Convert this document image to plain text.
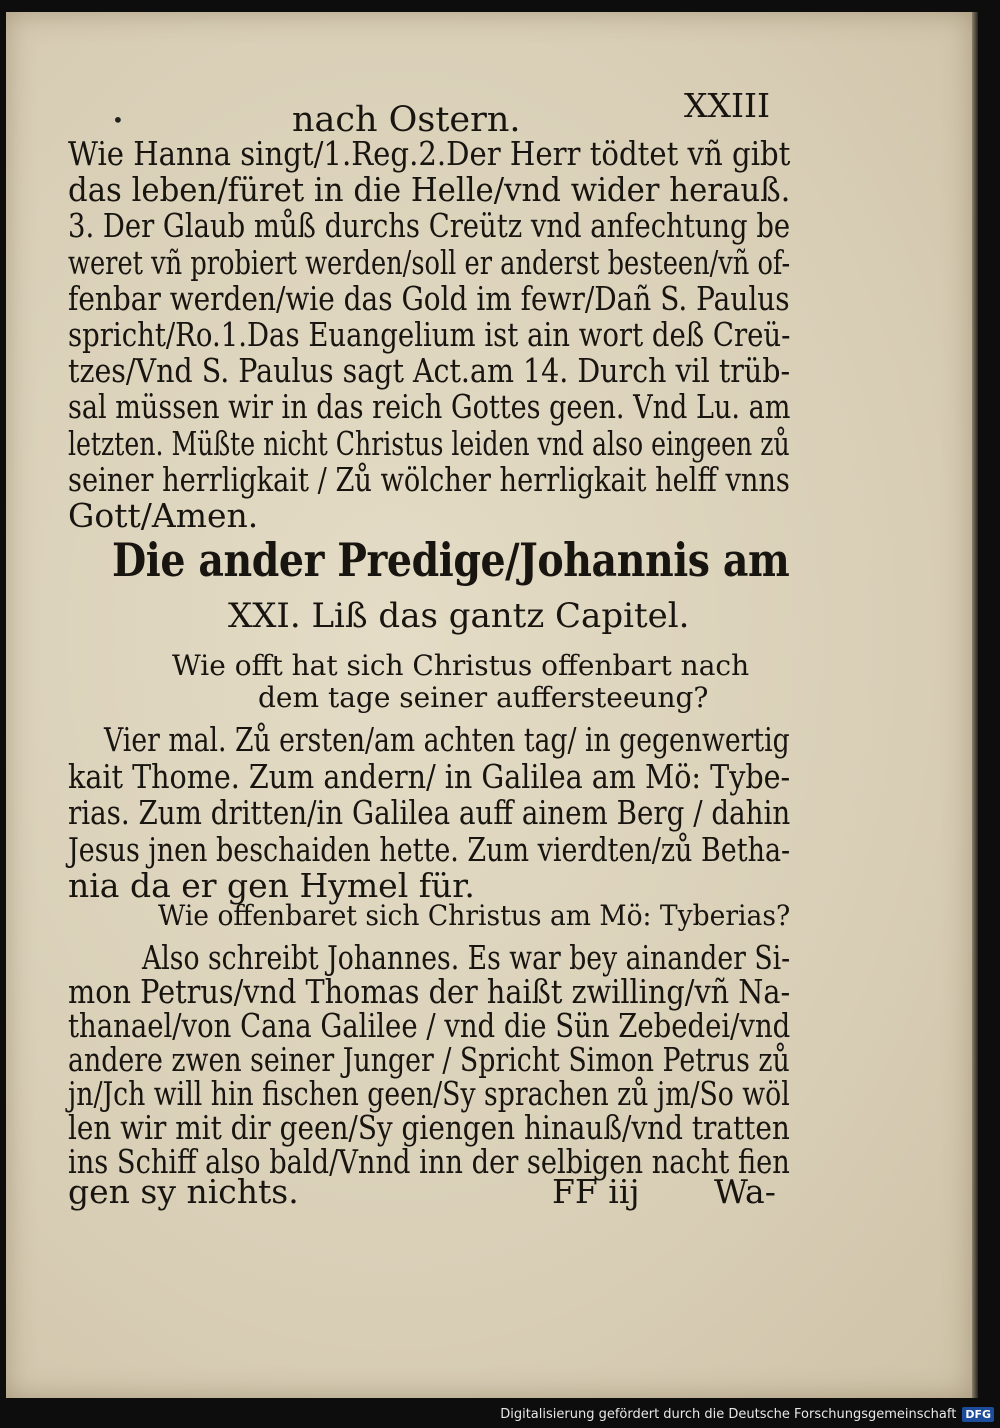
•	nach Ostern.	XXIII
Wie Hanna singt/1.Reg.2.Der Herr tödtet vñ gibt
das leben/füret in die Helle/vnd wider herauß.
3. Der Glaub můß durchs Creütz vnd anfechtung be
weret vñ probiert werden/soll er anderst besteen/vñ of-
fenbar werden/wie das Gold im fewr/Dañ S. Paulus
spricht/Ro.1.Das Euangelium ist ain wort deß Creü-
tzes/Vnd S. Paulus sagt Act.am 14. Durch vil trüb-
sal müssen wir in das reich Gottes geen. Vnd Lu. am
letzten. Müßte nicht Christus leiden vnd also eingeen zů
seiner herrligkait / Zů wölcher herrligkait helff vnns
Gott/Amen.
Die ander Predige/Johannis am
XXI. Liß das gantz Capitel.
Wie offt hat sich Christus offenbart nach
dem tage seiner aufferstееung?
Vier mal. Zů ersten/am achten tag/ in gegenwertig
kait Thome. Zum andern/ in Galilea am Mö: Tybe-
rias. Zum dritten/in Galilea auff ainem Berg / dahin
Jesus jnen beschaiden hette. Zum vierdten/zů Betha-
nia da er gen Hymel für.
Wie offenbaret sich Christus am Mö: Tyberias?
Also schreibt Johannes. Es war bey ainander Si-
mon Petrus/vnd Thomas der haißt zwilling/vñ Na-
thanael/von Cana Galilee / vnd die Sün Zebedei/vnd
andere zwen seiner Junger / Spricht Simon Petrus zů
jn/Jch will hin fischen geen/Sy sprachen zů jm/So wöl
len wir mit dir geen/Sy giengen hinauß/vnd tratten
ins Schiff also bald/Vnnd inn der selbigen nacht fien
gen sy nichts.	FF iij Wa-
Digitalisierung gefördert durch die Deutsche Forschungsgemeinschaft DFG
